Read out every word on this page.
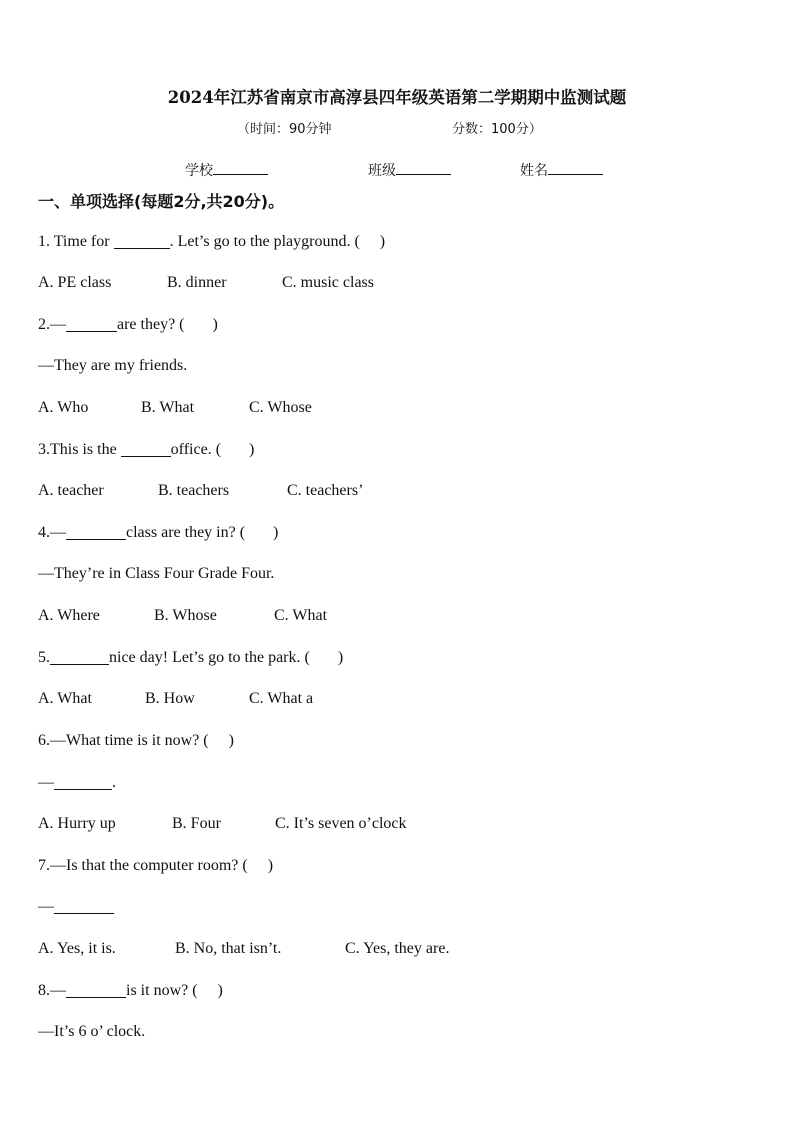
2024年江苏省南京市高淳县四年级英语第二学期期中监测试题
（时间：90分钟	分数：100分）
学校	班级	姓名
一、单项选择(每题2分,共20分)。
1. Time for	. Let’s go to the playground. (     )
A. PE class	B. dinner	C. music class
2.—	are they? (       )
—They are my friends.
A. Who	B. What	C. Whose
3.This is the	office. (       )
A. teacher	B. teachers	C. teachers’
4.—	class are they in? (       )
—They’re in Class Four Grade Four.
A. Where	B. Whose	C. What
5.	nice day! Let’s go to the park. (       )
A. What	B. How	C. What a
6.—What time is it now? (     )
—	.
A. Hurry up	B. Four	C. It’s seven o’clock
7.—Is that the computer room? (     )
—
A. Yes, it is.	B. No, that isn’t.	C. Yes, they are.
8.—	is it now? (     )
—It’s 6 o’ clock.
